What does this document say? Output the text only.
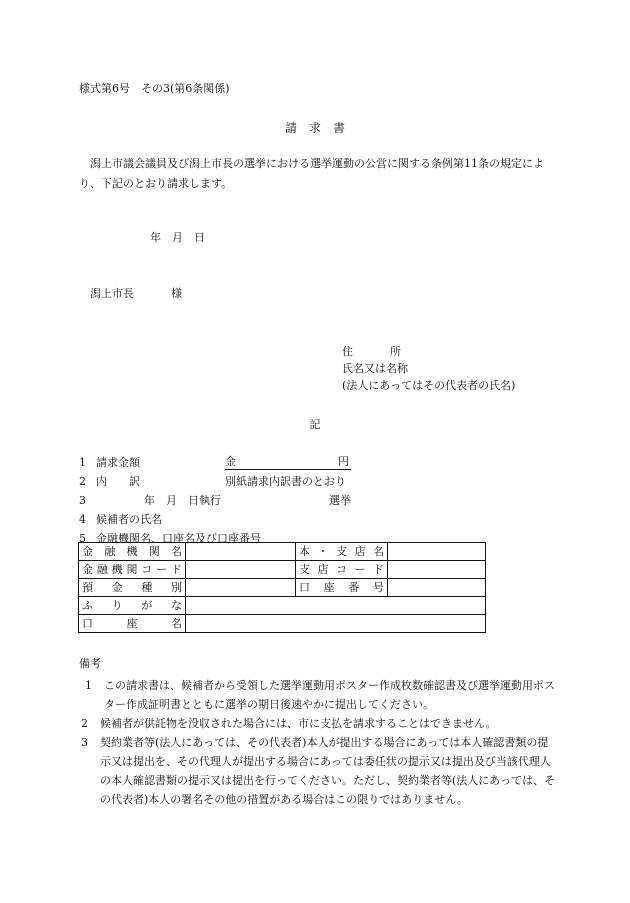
様式第6号　その3(第6条関係)
請　求　書
潟上市議会議員及び潟上市長の選挙における選挙運動の公営に関する条例第11条の規定により、下記のとおり請求します。
年　月　日
潟上市長	様
住所
氏名又は名称
(法人にあってはその代表者の氏名)
記
1 請求金額	金	円
2 内訳	別紙請求内訳書のとおり
3	年　月　日執行	選挙
4 候補者の氏名
5 金融機関名、口座名及び口座番号
金融機関名		本・支店名	
金融機関コード		支店コード	
預金種別		口座番号	
ふりがな			
口座名			
備考
1	この請求書は、候補者から受領した選挙運動用ポスター作成枚数確認書及び選挙運動用ポスター作成証明書とともに選挙の期日後速やかに提出してください。
2	候補者が供託物を没収された場合には、市に支払を請求することはできません。
3	契約業者等(法人にあっては、その代表者)本人が提出する場合にあっては本人確認書類の提示又は提出を、その代理人が提出する場合にあっては委任状の提示又は提出及び当該代理人の本人確認書類の提示又は提出を行ってください。ただし、契約業者等(法人にあっては、その代表者)本人の署名その他の措置がある場合はこの限りではありません。
